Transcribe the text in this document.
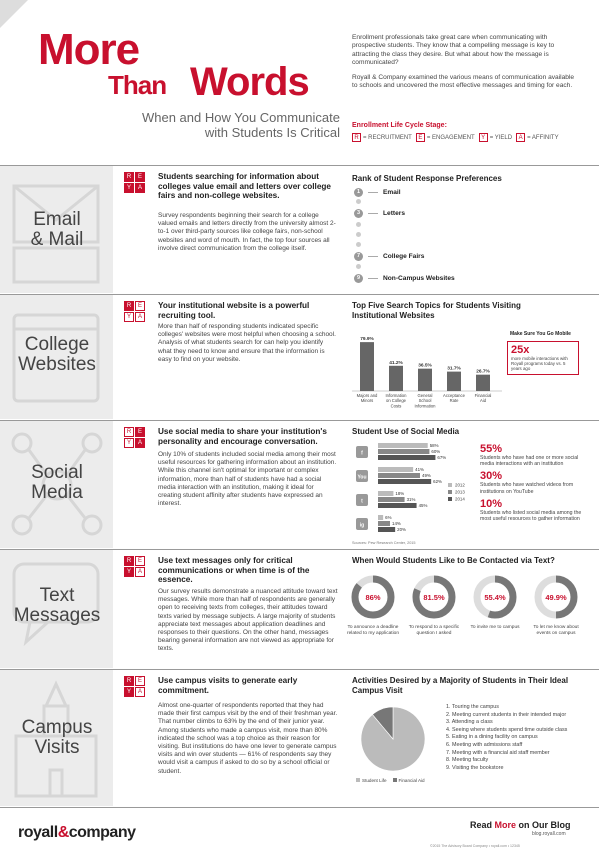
More
Than Words
When and How You Communicate
with Students Is Critical

Enrollment professionals take great care when communicating with prospective students. They know that a compelling message is key to attracting the class they desire. But what about how the message is communicated?

Royall & Company examined the various means of communication available to schools and uncovered the most effective messages and timing for each.

Enrollment Life Cycle Stage:
R = RECRUITMENT	E = ENGAGEMENT	Y = YIELD	A = AFFINITY
Email
& Mail
R	E
Y	A
Students searching for information about colleges value email and letters over college fairs and non-college websites.
Survey respondents beginning their search for a college valued emails and letters directly from the university almost 2-to-1 over third-party sources like college fairs, non-school websites and word of mouth. In fact, the top four sources all involve direct communication from the college itself.
Rank of Student Response Preferences
1	Email
3	Letters
7	College Fairs
9	Non-Campus Websites
College
Websites
R	E
Y	A
Your institutional website is a powerful recruiting tool.
More than half of responding students indicated specific colleges' websites were most helpful when choosing a school. Analysis of what students search for can help you identify what they need to know and ensure that the information is easy to find on your website.
Top Five Search Topics for Students Visiting Institutional Websites
79.9%
Majors and
Minors
41.2%
Information
on College
Costs
36.5%
General
School
Information
31.7%
Acceptance
Rate
26.7%
Financial
Aid
Make Sure You Go Mobile
25x
more mobile interactions with Royall programs today vs. 5 years ago
Social
Media
R	E
Y	A
Use social media to share your institution's personality and encourage conversation.
Only 10% of students included social media among their most useful resources for gathering information about an institution. While this channel isn't optimal for important or complex information, more than half of students have had a social media interaction with an institution, making it ideal for creating student affinity after students have expressed an interest.
Student Use of Social Media
f
58%
60%
67%
You
41%
49%
62%
t
18%
31%
45%
ig
6%
14%
20%
2012
2013
2014
Sources: Pew Research Center, 2015
55%
Students who have had one or more social media interactions with an institution
30%
Students who have watched videos from institutions on YouTube
10%
Students who listed social media among the most useful resources to gather information
Text
Messages
R	E
Y	A
Use text messages only for critical communications or when time is of the essence.
Our survey results demonstrate a nuanced attitude toward text messages. While more than half of respondents are generally open to receiving texts from colleges, their attitudes toward texts varied by message subjects. A large majority of students appreciate text messages about application deadlines and responses to their questions. On the other hand, messages bearing general information are not viewed as appropriate for texts.
When Would Students Like to Be Contacted via Text?
86%
To announce a deadline related to my application
81.5%
To respond to a specific question I asked
55.4%
To invite me to campus
49.9%
To let me know about events on campus
Campus
Visits
R	E
Y	A
Use campus visits to generate early commitment.
Almost one-quarter of respondents reported that they had made their first campus visit by the end of their freshman year. That number climbs to 63% by the end of their junior year. Among students who made a campus visit, more than 80% indicated the school was a top choice as their reason for visiting. But institutions do have one lever to generate campus visits and win over students — 61% of respondents say they would visit a campus if asked to do so by a school official or student.
Activities Desired by a Majority of Students in Their Ideal Campus Visit
Student Life	Financial Aid
1. Touring the campus
2. Meeting current students in their intended major
3. Attending a class
4. Seeing where students spend time outside class
5. Eating in a dining facility on campus
6. Meeting with admissions staff
7. Meeting with a financial aid staff member
8. Meeting faculty
9. Visiting the bookstore
royall&company	Read More on Our Blog
blog.royall.com
©2015 The Advisory Board Company • royall.com • 12345
